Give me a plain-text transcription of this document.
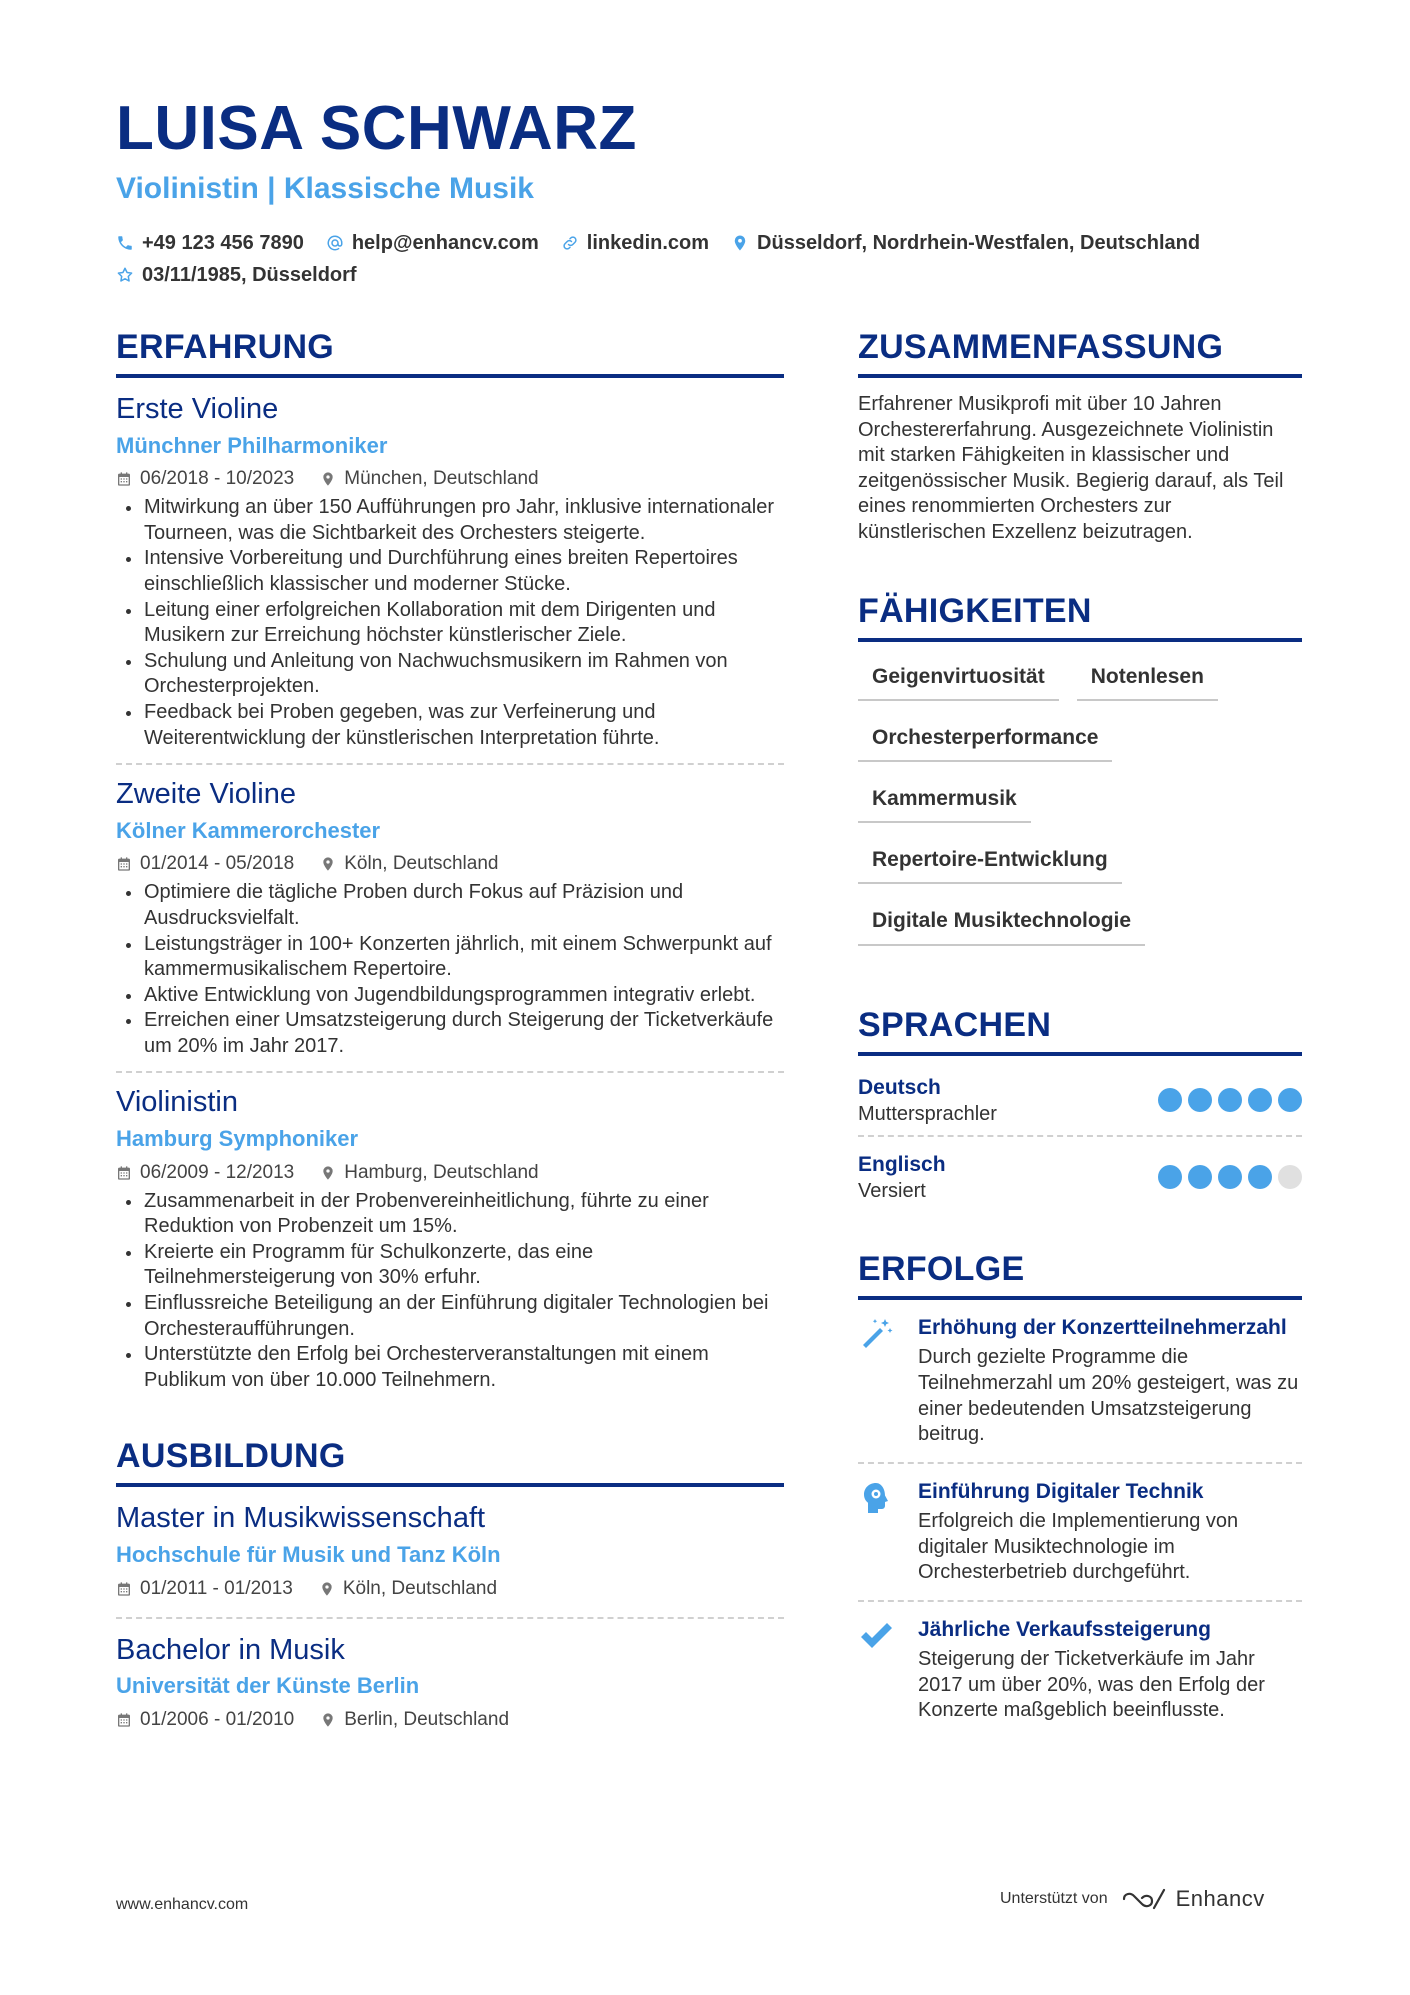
LUISA SCHWARZ
Violinistin | Klassische Musik
+49 123 456 7890 help@enhancv.com linkedin.com Düsseldorf, Nordrhein-Westfalen, Deutschland
03/11/1985, Düsseldorf
ERFAHRUNG
Erste Violine
Münchner Philharmoniker
06/2018 - 10/2023	München, Deutschland
Mitwirkung an über 150 Aufführungen pro Jahr, inklusive internationaler Tourneen, was die Sichtbarkeit des Orchesters steigerte.
Intensive Vorbereitung und Durchführung eines breiten Repertoires einschließlich klassischer und moderner Stücke.
Leitung einer erfolgreichen Kollaboration mit dem Dirigenten und Musikern zur Erreichung höchster künstlerischer Ziele.
Schulung und Anleitung von Nachwuchsmusikern im Rahmen von Orchesterprojekten.
Feedback bei Proben gegeben, was zur Verfeinerung und Weiterentwicklung der künstlerischen Interpretation führte.
Zweite Violine
Kölner Kammerorchester
01/2014 - 05/2018	Köln, Deutschland
Optimiere die tägliche Proben durch Fokus auf Präzision und Ausdrucksvielfalt.
Leistungsträger in 100+ Konzerten jährlich, mit einem Schwerpunkt auf kammermusikalischem Repertoire.
Aktive Entwicklung von Jugendbildungsprogrammen integrativ erlebt.
Erreichen einer Umsatzsteigerung durch Steigerung der Ticketverkäufe um 20% im Jahr 2017.
Violinistin
Hamburg Symphoniker
06/2009 - 12/2013	Hamburg, Deutschland
Zusammenarbeit in der Probenvereinheitlichung, führte zu einer Reduktion von Probenzeit um 15%.
Kreierte ein Programm für Schulkonzerte, das eine Teilnehmersteigerung von 30% erfuhr.
Einflussreiche Beteiligung an der Einführung digitaler Technologien bei Orchesteraufführungen.
Unterstützte den Erfolg bei Orchesterveranstaltungen mit einem Publikum von über 10.000 Teilnehmern.
AUSBILDUNG
Master in Musikwissenschaft
Hochschule für Musik und Tanz Köln
01/2011 - 01/2013	Köln, Deutschland
Bachelor in Musik
Universität der Künste Berlin
01/2006 - 01/2010	Berlin, Deutschland
ZUSAMMENFASSUNG
Erfahrener Musikprofi mit über 10 Jahren Orchestererfahrung. Ausgezeichnete Violinistin mit starken Fähigkeiten in klassischer und zeitgenössischer Musik. Begierig darauf, als Teil eines renommierten Orchesters zur künstlerischen Exzellenz beizutragen.
FÄHIGKEITEN
Geigenvirtuosität	Notenlesen
Orchesterperformance
Kammermusik
Repertoire-Entwicklung
Digitale Musiktechnologie
SPRACHEN
Deutsch
Muttersprachler
Englisch
Versiert
ERFOLGE
Erhöhung der Konzertteilnehmerzahl
Durch gezielte Programme die Teilnehmerzahl um 20% gesteigert, was zu einer bedeutenden Umsatzsteigerung beitrug.
Einführung Digitaler Technik
Erfolgreich die Implementierung von digitaler Musiktechnologie im Orchesterbetrieb durchgeführt.
Jährliche Verkaufssteigerung
Steigerung der Ticketverkäufe im Jahr 2017 um über 20%, was den Erfolg der Konzerte maßgeblich beeinflusste.
www.enhancv.com	Unterstützt von	Enhancv
